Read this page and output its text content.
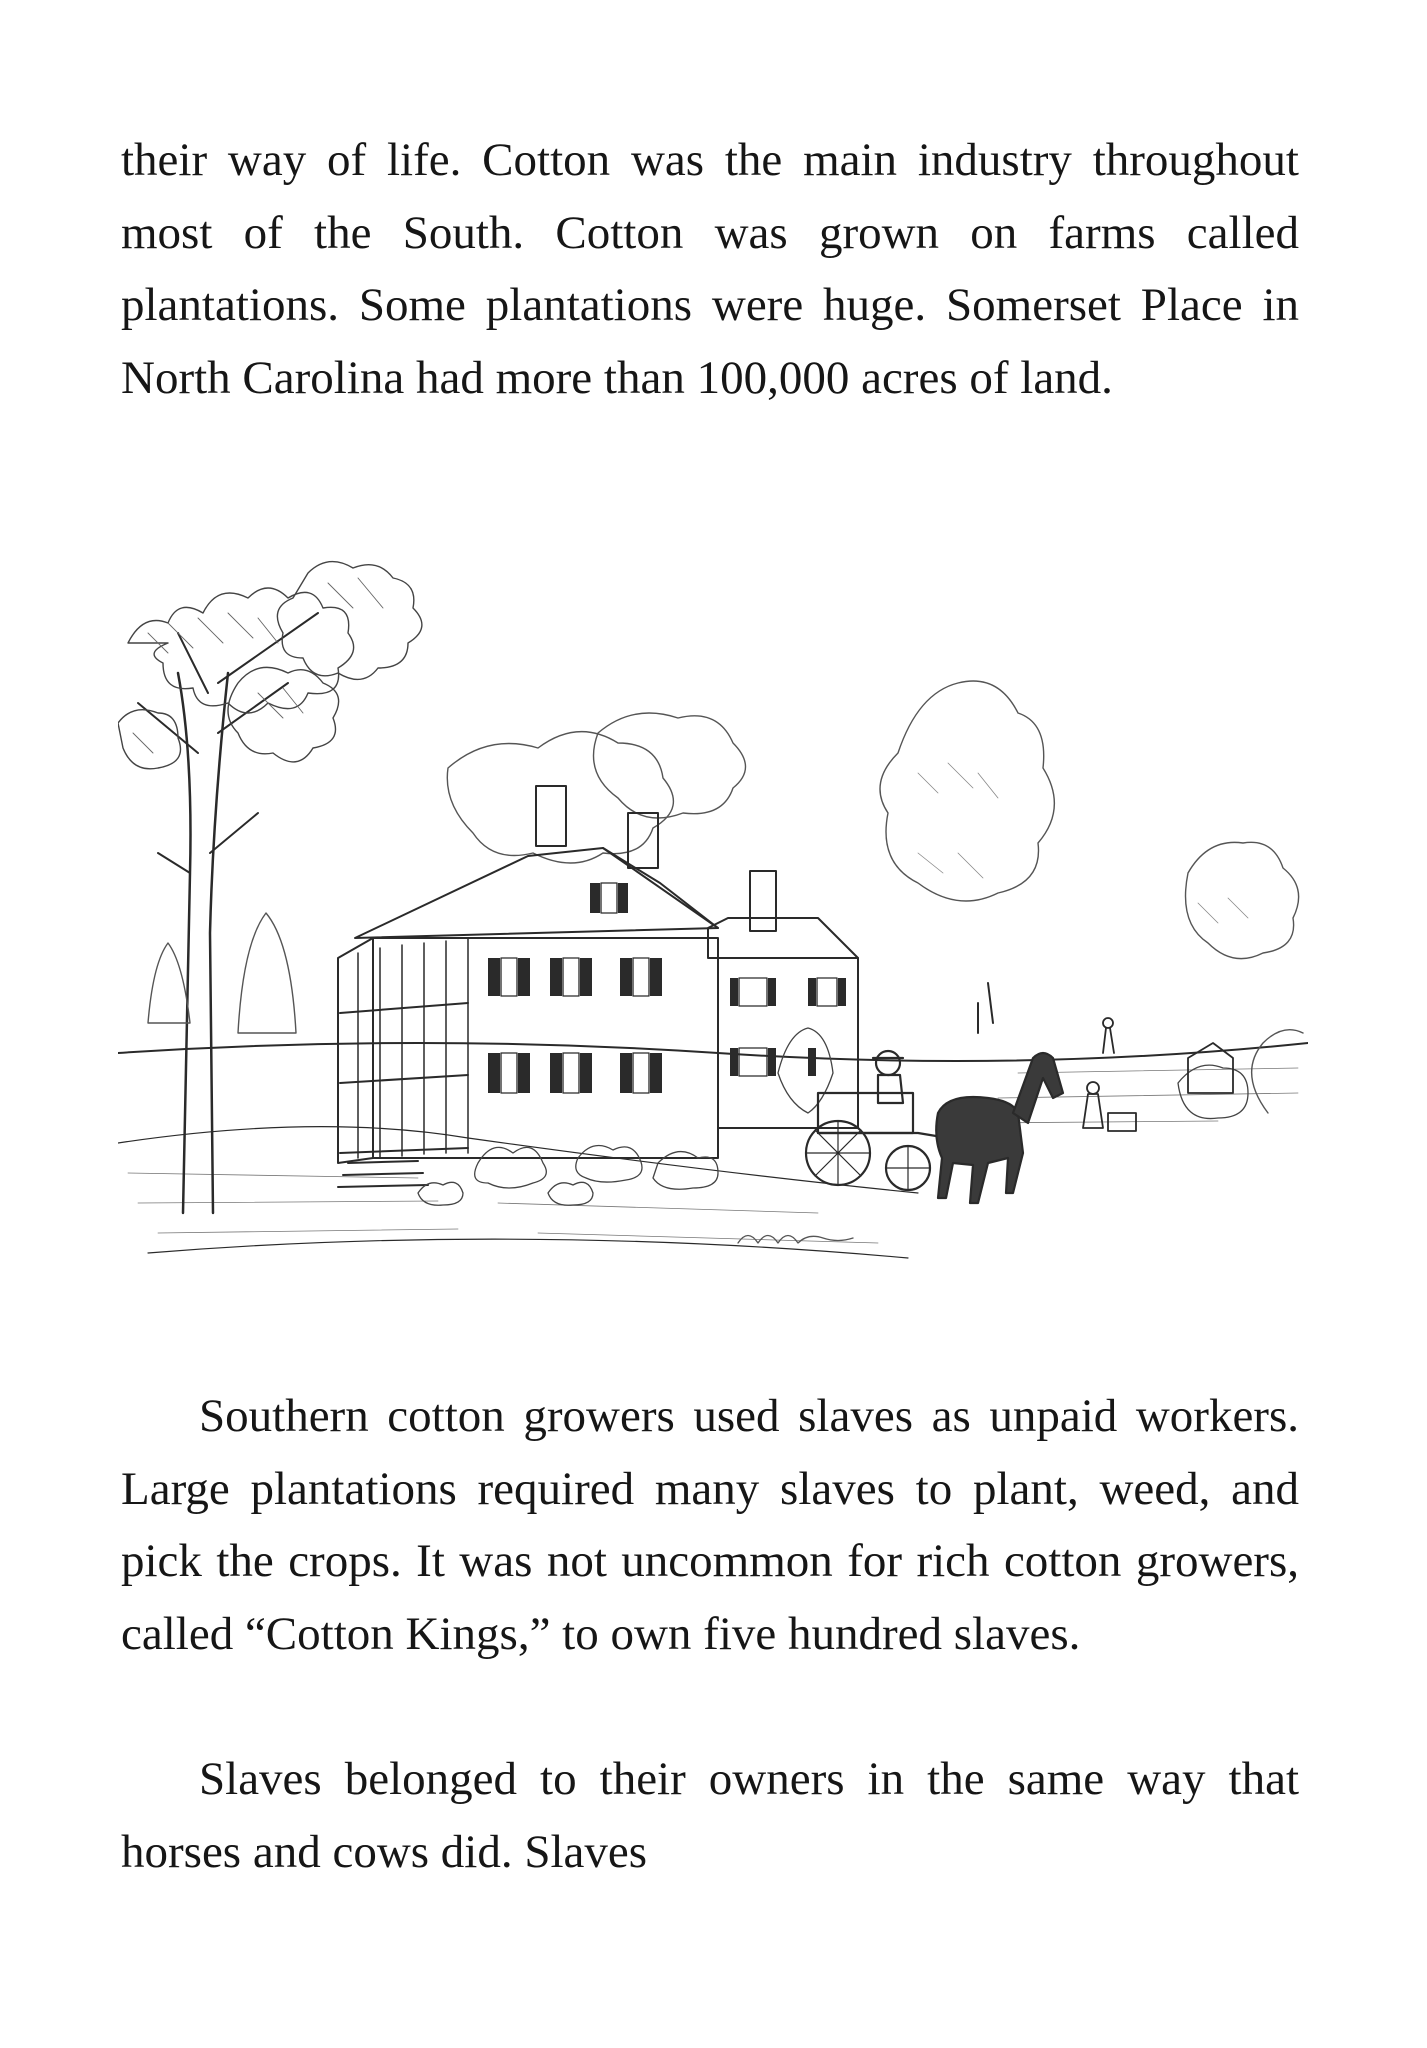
their way of life. Cotton was the main industry throughout most of the South. Cotton was grown on farms called plantations. Some plantations were huge. Somerset Place in North Carolina had more than 100,000 acres of land.

Southern cotton growers used slaves as unpaid workers. Large plantations required many slaves to plant, weed, and pick the crops. It was not uncommon for rich cotton growers, called “Cotton Kings,” to own five hundred slaves.

Slaves belonged to their owners in the same way that horses and cows did. Slaves
